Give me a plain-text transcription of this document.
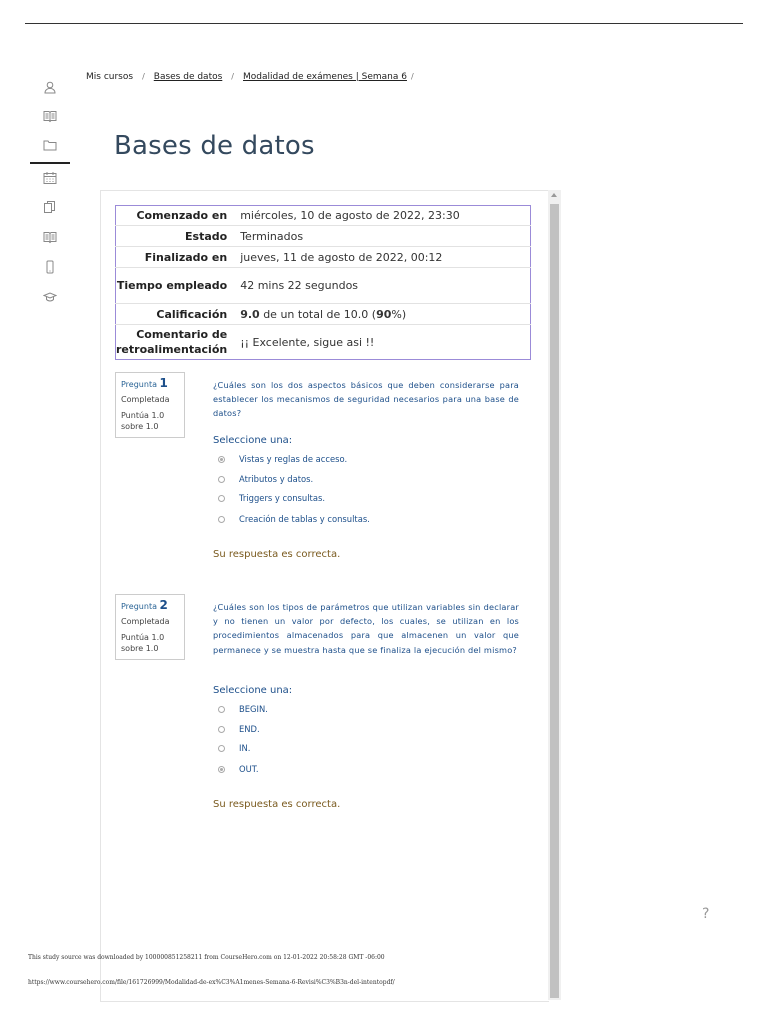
Mis cursos / Bases de datos / Modalidad de exámenes | Semana 6 /
Bases de datos
Comenzado en	miércoles, 10 de agosto de 2022, 23:30
Estado	Terminados
Finalizado en	jueves, 11 de agosto de 2022, 00:12
Tiempo empleado	42 mins 22 segundos
Calificación	9.0 de un total de 10.0 (90%)
Comentario de retroalimentación	¡¡ Excelente, sigue asi !!
Pregunta 1
Completada
Puntúa 1.0 sobre 1.0
¿Cuáles son los dos aspectos básicos que deben considerarse para establecer los mecanismos de seguridad necesarios para una base de datos?
Seleccione una:
Vistas y reglas de acceso.
Atributos y datos.
Triggers y consultas.
Creación de tablas y consultas.
Su respuesta es correcta.
Pregunta 2
Completada
Puntúa 1.0 sobre 1.0
¿Cuáles son los tipos de parámetros que utilizan variables sin declarar y no tienen un valor por defecto, los cuales, se utilizan en los procedimientos almacenados para que almacenen un valor que permanece y se muestra hasta que se finaliza la ejecución del mismo?
Seleccione una:
BEGIN.
END.
IN.
OUT.
Su respuesta es correcta.
?
This study source was downloaded by 100000851258211 from CourseHero.com on 12-01-2022 20:58:28 GMT -06:00
https://www.coursehero.com/file/161726999/Modalidad-de-ex%C3%A1menes-Semana-6-Revisi%C3%B3n-del-intentopdf/
